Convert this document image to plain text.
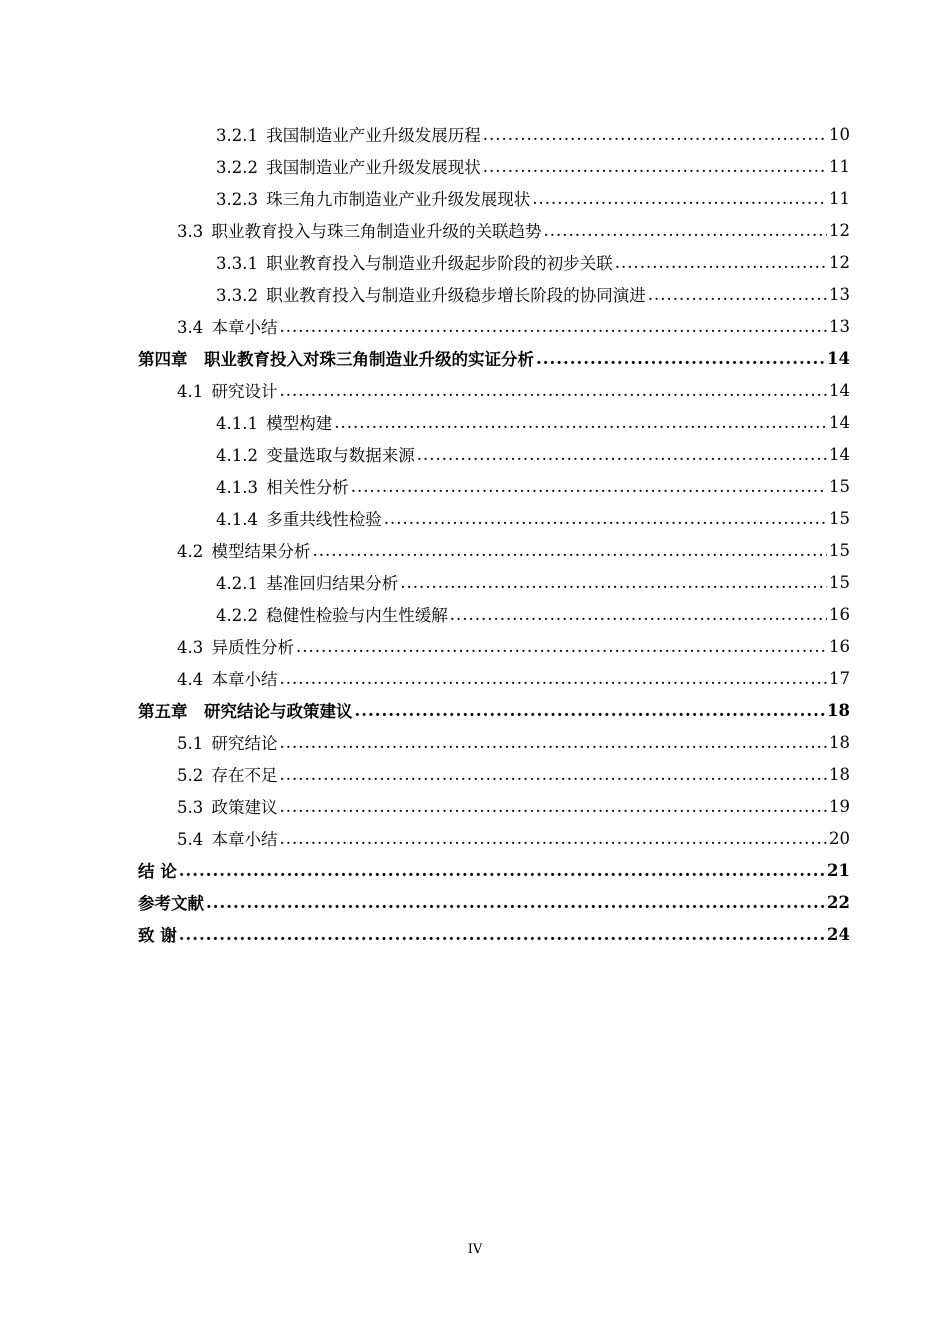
3.2.1 我国制造业产业升级发展历程 .....	10
3.2.2 我国制造业产业升级发展现状 .....	11
3.2.3 珠三角九市制造业产业升级发展现状 .....	11
3.3 职业教育投入与珠三角制造业升级的关联趋势 .....	12
3.3.1 职业教育投入与制造业升级起步阶段的初步关联 .....	12
3.3.2 职业教育投入与制造业升级稳步增长阶段的协同演进 .....	13
3.4 本章小结 .....	13
第四章　职业教育投入对珠三角制造业升级的实证分析 .....	14
4.1 研究设计 .....	14
4.1.1 模型构建 .....	14
4.1.2 变量选取与数据来源 .....	14
4.1.3 相关性分析 .....	15
4.1.4 多重共线性检验 .....	15
4.2 模型结果分析 .....	15
4.2.1 基准回归结果分析 .....	15
4.2.2 稳健性检验与内生性缓解 .....	16
4.3 异质性分析 .....	16
4.4 本章小结 .....	17
第五章　研究结论与政策建议 .....	18
5.1 研究结论 .....	18
5.2 存在不足 .....	18
5.3 政策建议 .....	19
5.4 本章小结 .....	20
结 论 .....	21
参考文献 .....	22
致 谢 .....	24
IV
